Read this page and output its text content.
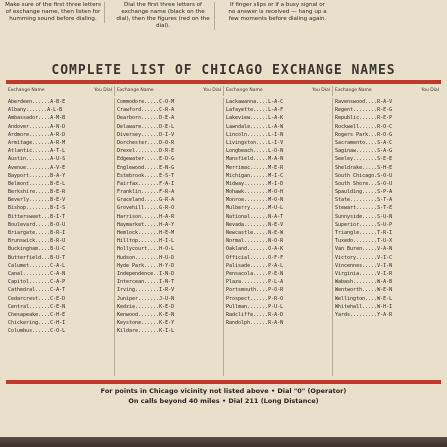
Make sure of the first three letters of exchange name, then listen for humming sound before dialing.
Dial the first three letters of exchange name (black on the dial), then the figures (red on the dial).
If finger slips or if a busy signal or no answer is received — hang up a few moments before dialing again.
COMPLETE LIST OF CHICAGO EXCHANGE NAMES
Exchange Name	You Dial Exchange Name	You Dial Exchange Name	You Dial Exchange Name	You Dial
Aberdeen......A-B-E
Albany.......A-L-B
Ambassador....A-M-B
Andover.......A-N-D
Ardmore.......A-R-D
Armitage......A-R-M
Atlantic......A-T-L
Austin........A-U-S
Avenue........A-V-E
Bayport.......B-A-Y
Belmont.......B-E-L
Berkshire.....B-E-R
Beverly.......B-E-V
Bishop........B-I-S
Bittersweet...B-I-T
Boulevard.....B-O-U
Briargate.....B-R-I
Brunswick.....B-R-U
Buckingham....B-U-C
Butterfield...B-U-T
Calumet.......C-A-L
Canal.........C-A-N
Capitol.......C-A-P
Cathedral.....C-A-T
Cedarcrest....C-E-D
Central.......C-E-N
Chesapeake....C-H-E
Chickering....C-H-I
Columbus......C-O-L
Commodore.....C-O-M
Crawford......C-R-A
Dearborn......D-E-A
Delaware......D-E-L
Diversey......D-I-V
Dorchester....D-O-R
Drexel........D-R-E
Edgewater.....E-D-G
Englewood.....E-N-G
Estebrook.....E-S-T
Fairfax.......F-A-I
Franklin......F-R-A
Graceland.....G-R-A
Grovehill.....G-R-O
Harrison......H-A-R
Haymarket.....H-A-Y
Hemlock.......H-E-M
Hilltop.......H-I-L
Hollycourt....H-O-L
Hudson........H-U-D
Hyde Park.....H-Y-D
Independence..I-N-D
Intercean.....I-N-T
Irving........I-R-V
Juniper.......J-U-N
Kedzie........K-E-D
Kenwood.......K-E-N
Keystone......K-E-Y
Kildare.......K-I-L
Lackawanna....L-A-C
Lafayette.....L-A-F
Lakeview......L-A-K
Lawndale......L-A-W
Lincoln.......L-I-N
Livingston....L-I-V
Longbeach.....L-O-N
Mansfield.....M-A-N
Merrimac......M-E-R
Michigan......M-I-C
Midway........M-I-D
Mohawk........M-O-H
Monroe........M-O-N
Mulberry......M-U-L
National......N-A-T
Nevada........N-E-V
Newcastle.....N-E-W
Normal........N-O-R
Oakland.......O-A-K
Official......O-F-F
Palisade......P-A-L
Pensacola.....P-E-N
Plaza.........P-L-A
Portsmouth....P-O-R
Prospect......P-R-O
Pullman.......P-U-L
Radcliffe.....R-A-D
Randolph......R-A-N
Ravenswood....R-A-V
Regent........R-E-G
Republic......R-E-P
Rockwell......R-O-C
Rogers Park...R-O-G
Sacramento....S-A-C
Saginaw.......S-A-G
Seeley........S-E-E
Sheldrake.....S-H-E
South Chicago.S-O-U
South Shore...S-O-U
Spaulding.....S-P-A
State.........S-T-A
Stewart.......S-T-E
Sunnyside.....S-U-N
Superior......S-U-P
Triangle......T-R-I
Tuxedo........T-U-X
Van Buren.....V-A-N
Victory.......V-I-C
Vincennes.....V-I-N
Virginia......V-I-R
Wabash........W-A-B
Wentworth.....W-E-N
Wellington....W-E-L
Whitehall.....W-H-I
Yards.........Y-A-R
For points in Chicago vicinity not listed above • Dial "0" (Operator)
On calls beyond 40 miles • Dial 211 (Long Distance)
